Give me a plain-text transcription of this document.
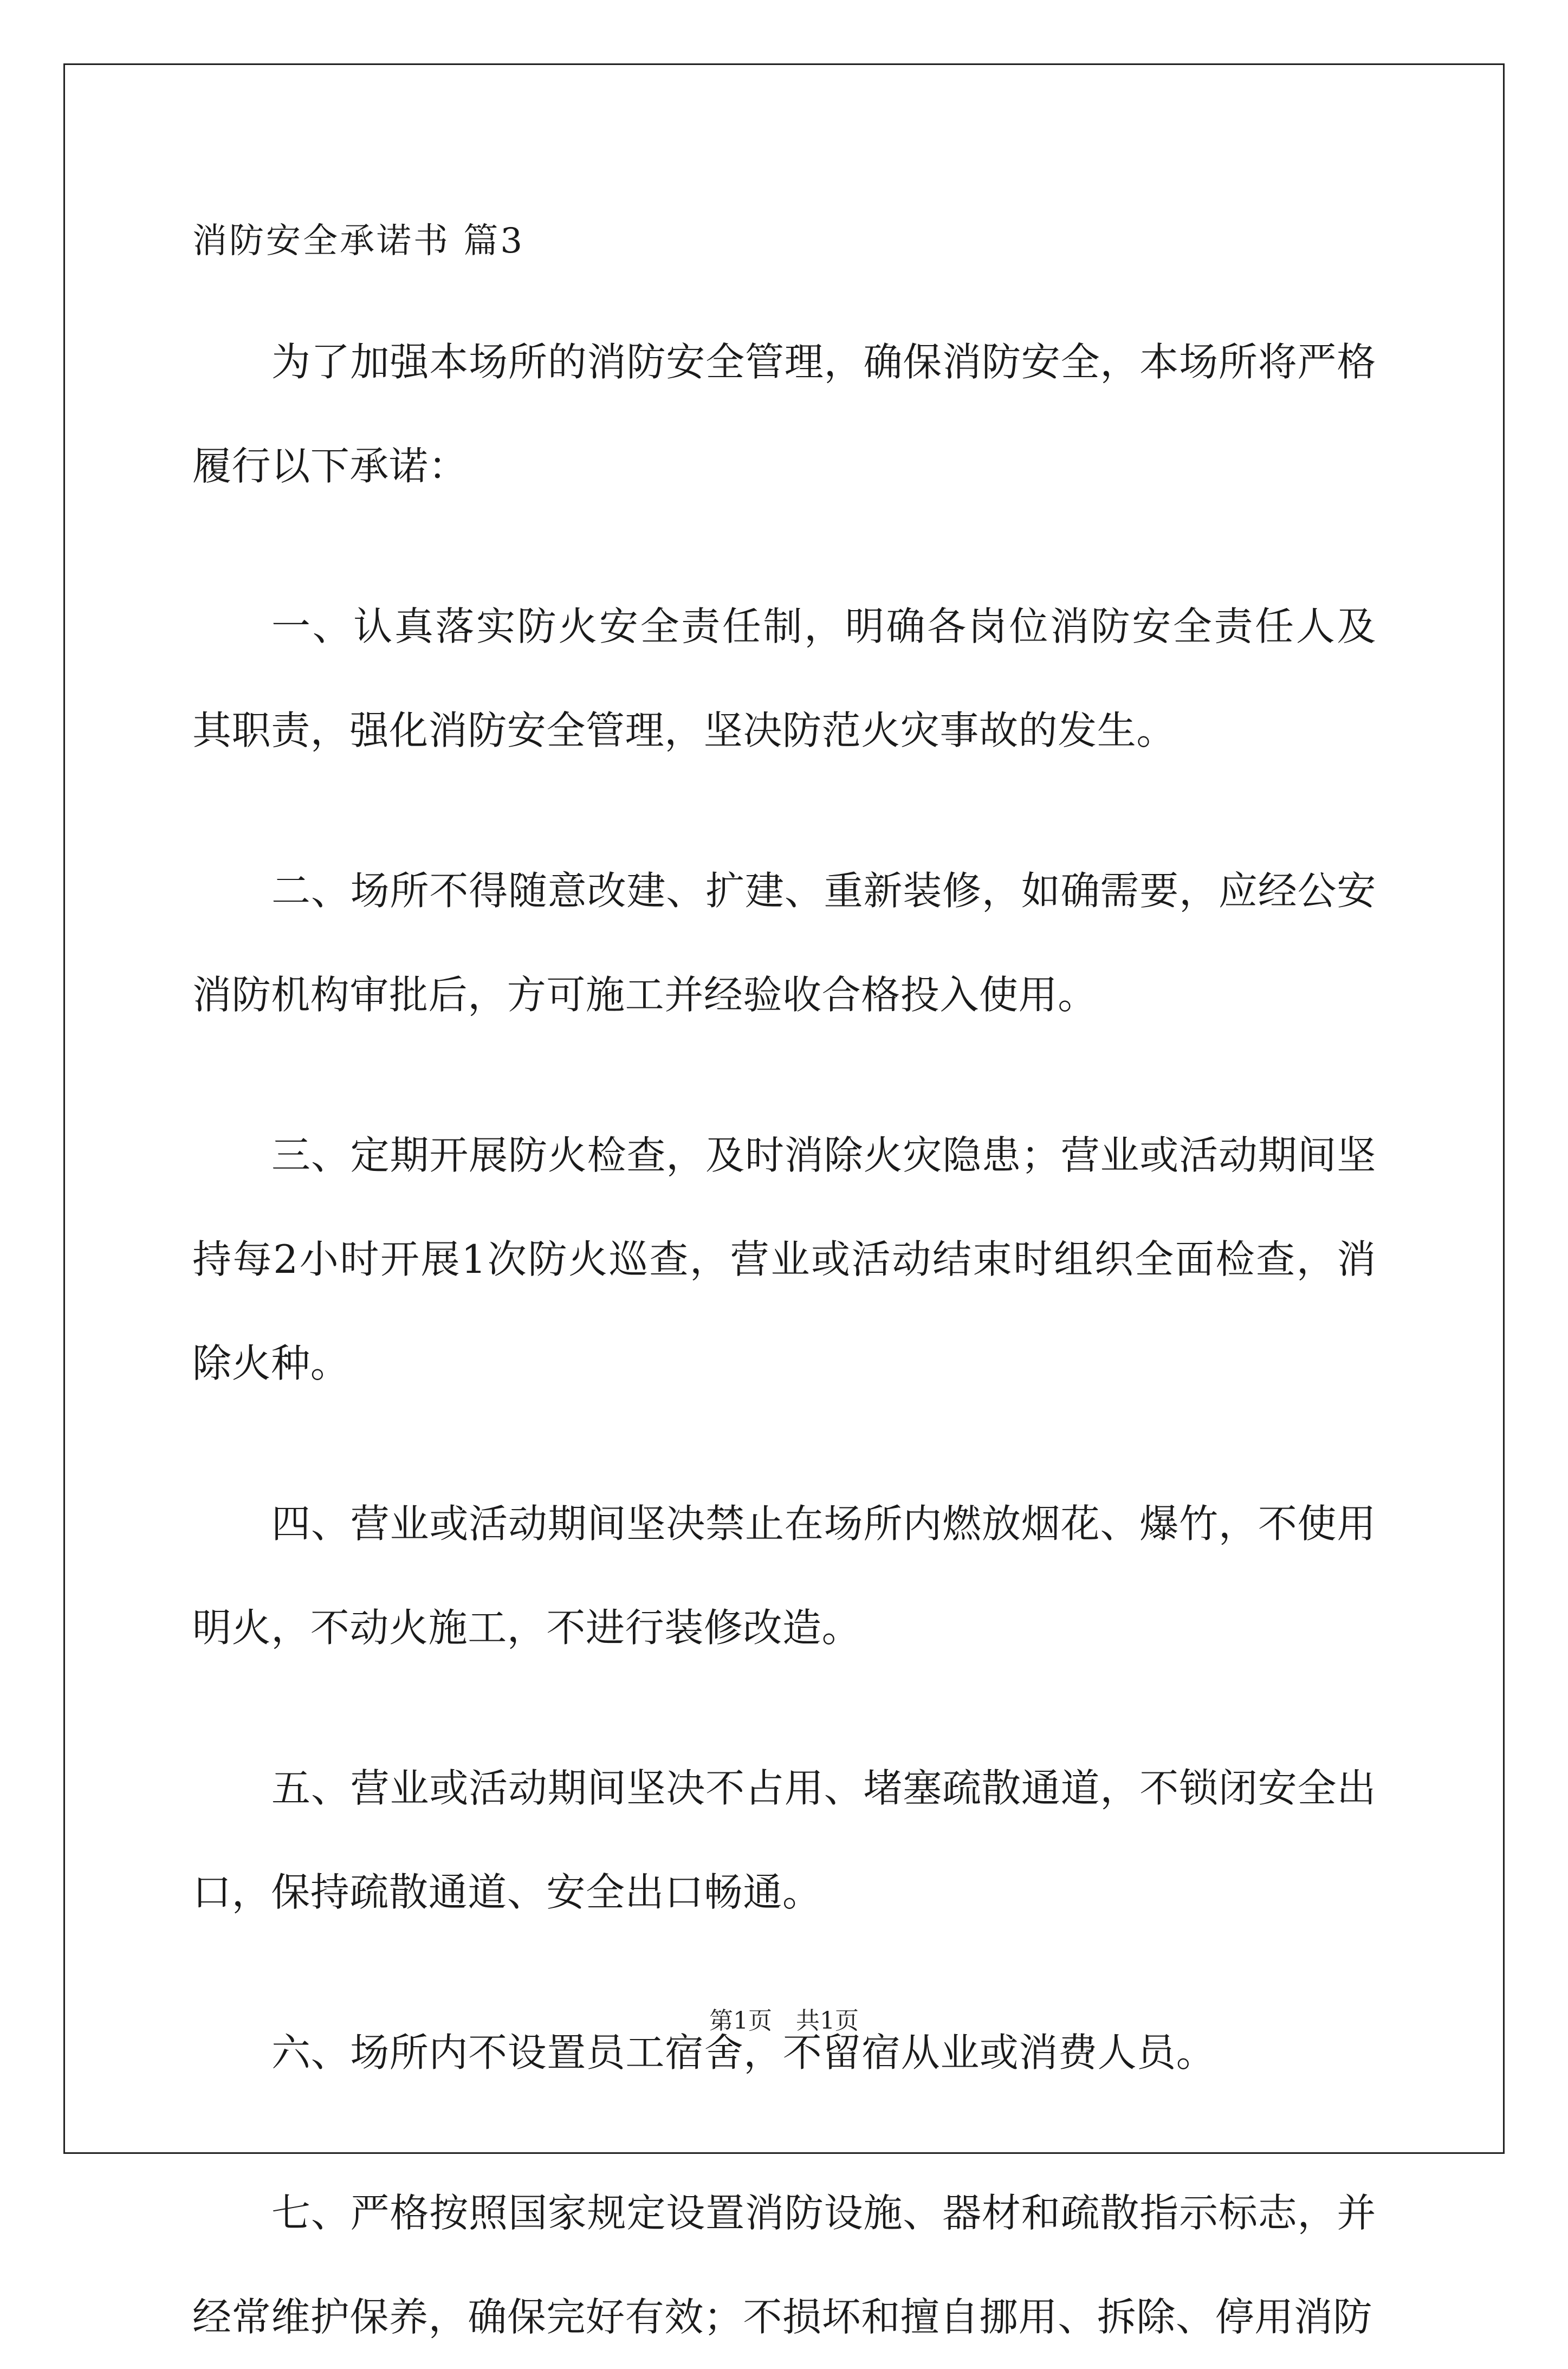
消防安全承诺书 篇3

为了加强本场所的消防安全管理，确保消防安全，本场所将严格履行以下承诺：

一、认真落实防火安全责任制，明确各岗位消防安全责任人及 其职责，强化消防安全管理，坚决防范火灾事故的发生。

二、场所不得随意改建、扩建、重新装修，如确需要，应经公安消防机构审批后，方可施工并经验收合格投入使用。

三、定期开展防火检查，及时消除火灾隐患；营业或活动期间坚持每2小时开展1次防火巡查，营业或活动结束时组织全面检查，消除火种。

四、营业或活动期间坚决禁止在场所内燃放烟花、爆竹，不使用明火，不动火施工，不进行装修改造。

五、营业或活动期间坚决不占用、堵塞疏散通道，不锁闭安全出口，保持疏散通道、安全出口畅通。

六、场所内不设置员工宿舍，不留宿从业或消费人员。

七、严格按照国家规定设置消防设施、器材和疏散指示标志，并经常维护保养，确保完好有效；不损坏和擅自挪用、拆除、停用消防

第1页　共1页
